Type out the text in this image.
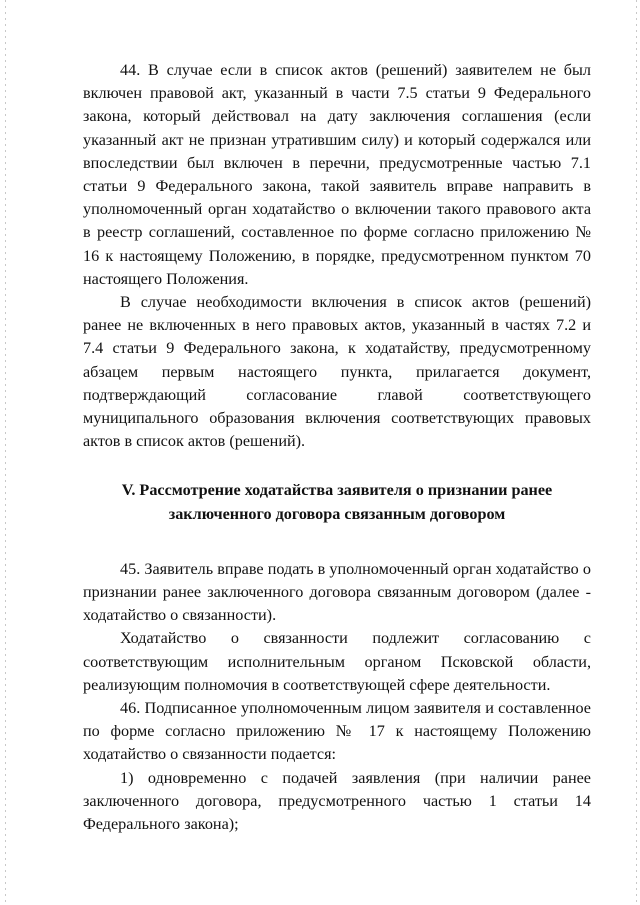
44. В случае если в список актов (решений) заявителем не был включен правовой акт, указанный в части 7.5 статьи 9 Федерального закона, который действовал на дату заключения соглашения (если указанный акт не признан утратившим силу) и который содержался или впоследствии был включен в перечни, предусмотренные частью 7.1 статьи 9 Федерального закона, такой заявитель вправе направить в уполномоченный орган ходатайство о включении такого правового акта в реестр соглашений, составленное по форме согласно приложению № 16 к настоящему Положению, в порядке, предусмотренном пунктом 70 настоящего Положения.

В случае необходимости включения в список актов (решений) ранее не включенных в него правовых актов, указанный в частях 7.2 и 7.4 статьи 9 Федерального закона, к ходатайству, предусмотренному абзацем первым настоящего пункта, прилагается документ, подтверждающий согласование главой соответствующего муниципального образования включения соответствующих правовых актов в список актов (решений).

V. Рассмотрение ходатайства заявителя о признании ранее
заключенного договора связанным договором

45. Заявитель вправе подать в уполномоченный орган ходатайство о признании ранее заключенного договора связанным договором (далее - ходатайство о связанности).

Ходатайство о связанности подлежит согласованию с соответствующим исполнительным органом Псковской области, реализующим полномочия в соответствующей сфере деятельности.

46. Подписанное уполномоченным лицом заявителя и составленное по форме согласно приложению № 17 к настоящему Положению ходатайство о связанности подается:

1) одновременно с подачей заявления (при наличии ранее заключенного договора, предусмотренного частью 1 статьи 14 Федерального закона);
